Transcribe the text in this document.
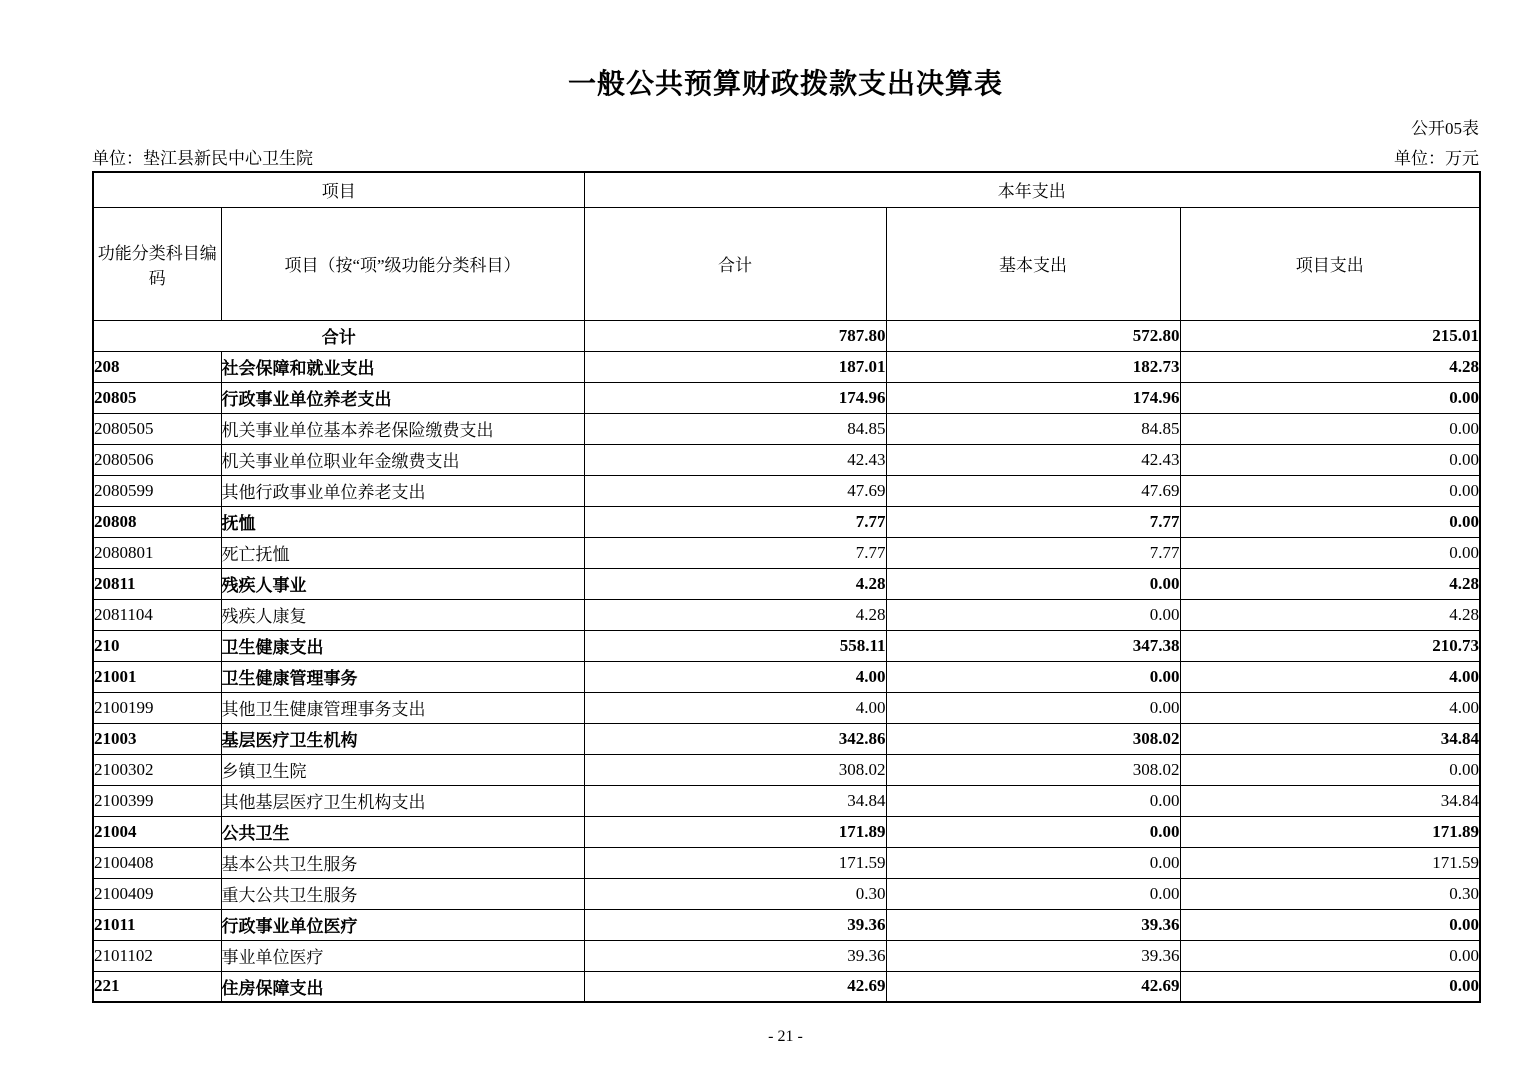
一般公共预算财政拨款支出决算表
公开05表
单位：垫江县新民中心卫生院	单位：万元
项目		本年支出		
功能分类科目编码	项目（按“项”级功能分类科目）	合计	基本支出	项目支出
合计		787.80	572.80	215.01
208	社会保障和就业支出	187.01	182.73	4.28
20805	行政事业单位养老支出	174.96	174.96	0.00
2080505	机关事业单位基本养老保险缴费支出	84.85	84.85	0.00
2080506	机关事业单位职业年金缴费支出	42.43	42.43	0.00
2080599	其他行政事业单位养老支出	47.69	47.69	0.00
20808	抚恤	7.77	7.77	0.00
2080801	死亡抚恤	7.77	7.77	0.00
20811	残疾人事业	4.28	0.00	4.28
2081104	残疾人康复	4.28	0.00	4.28
210	卫生健康支出	558.11	347.38	210.73
21001	卫生健康管理事务	4.00	0.00	4.00
2100199	其他卫生健康管理事务支出	4.00	0.00	4.00
21003	基层医疗卫生机构	342.86	308.02	34.84
2100302	乡镇卫生院	308.02	308.02	0.00
2100399	其他基层医疗卫生机构支出	34.84	0.00	34.84
21004	公共卫生	171.89	0.00	171.89
2100408	基本公共卫生服务	171.59	0.00	171.59
2100409	重大公共卫生服务	0.30	0.00	0.30
21011	行政事业单位医疗	39.36	39.36	0.00
2101102	事业单位医疗	39.36	39.36	0.00
221	住房保障支出	42.69	42.69	0.00
- 21 -
